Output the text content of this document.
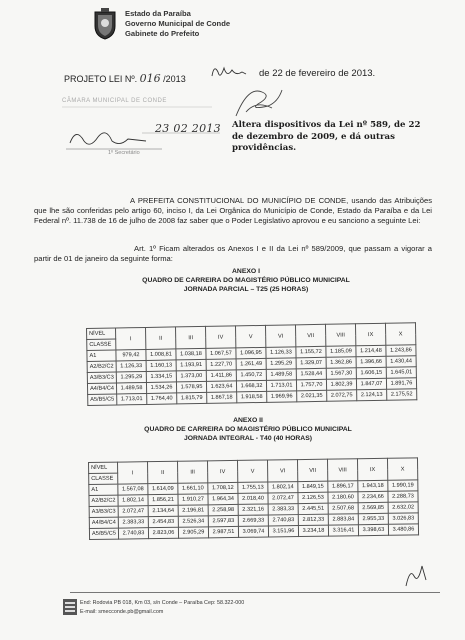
Estado da Paraíba
Governo Municipal de Conde
Gabinete do Prefeito
PROJETO LEI Nº. 016 /2013	de 22 de fevereiro de 2013.
CÂMARA MUNICIPAL DE CONDE
23 02 2013
1º Secretário
Altera dispositivos da Lei nº 589, de 22 de dezembro de 2009, e dá outras providências.
A PREFEITA CONSTITUCIONAL DO MUNICÍPIO DE CONDE, usando das Atribuições que lhe são conferidas pelo artigo 60, inciso I, da Lei Orgânica do Município de Conde, Estado da Paraíba e da Lei Federal nº. 11.738 de 16 de julho de 2008 faz saber que o Poder Legislativo aprovou e eu sanciono a seguinte Lei:
Art. 1º Ficam alterados os Anexos I e II da Lei nº 589/2009, que passam a vigorar a partir de 01 de janeiro da seguinte forma:
ANEXO I
QUADRO DE CARREIRA DO MAGISTÉRIO PÚBLICO MUNICIPAL
JORNADA PARCIAL – T25 (25 HORAS)
NÍVEL	I	II	III	IV	V	VI	VII	VIII	IX	X
CLASSE										
A1	979,42	1.008,81	1.038,18	1.067,57	1.096,95	1.126,33	1.155,72	1.185,09	1.214,48	1.243,86
A2/B2/C2	1.126,33	1.160,13	1.193,91	1.227,70	1.261,49	1.295,29	1.329,07	1.362,86	1.396,66	1.430,44
A3/B3/C3	1.295,29	1.334,15	1.373,00	1.411,86	1.450,72	1.489,58	1.528,44	1.567,30	1.606,15	1.645,01
A4/B4/C4	1.489,58	1.534,26	1.578,95	1.623,64	1.668,32	1.713,01	1.757,70	1.802,39	1.847,07	1.891,76
A5/B5/C5	1.713,01	1.764,40	1.815,79	1.867,18	1.918,58	1.969,96	2.021,35	2.072,75	2.124,13	2.175,52
ANEXO II
QUADRO DE CARREIRA DO MAGISTÉRIO PÚBLICO MUNICIPAL
JORNADA INTEGRAL - T40 (40 HORAS)
NÍVEL	I	II	III	IV	V	VI	VII	VIII	IX	X
CLASSE										
A1	1.567,08	1.614,09	1.661,10	1.708,12	1.755,13	1.802,14	1.849,15	1.896,17	1.943,18	1.990,19
A2/B2/C2	1.802,14	1.856,21	1.910,27	1.964,34	2.018,40	2.072,47	2.126,53	2.180,60	2.234,66	2.288,73
A3/B3/C3	2.072,47	2.134,64	2.196,81	2.258,98	2.321,16	2.383,33	2.445,51	2.507,68	2.569,85	2.632,02
A4/B4/C4	2.383,33	2.454,83	2.526,34	2.597,83	2.669,33	2.740,83	2.812,33	2.883,84	2.955,33	3.026,83
A5/B5/C5	2.740,83	2.823,06	2.905,29	2.987,51	3.069,74	3.151,96	3.234,18	3.316,41	3.398,63	3.480,86
End: Rodovia PB 018, Km 03, s/n Conde – Paraíba Cep: 58.322-000
E-mail: smecconde.pb@gmail.com
